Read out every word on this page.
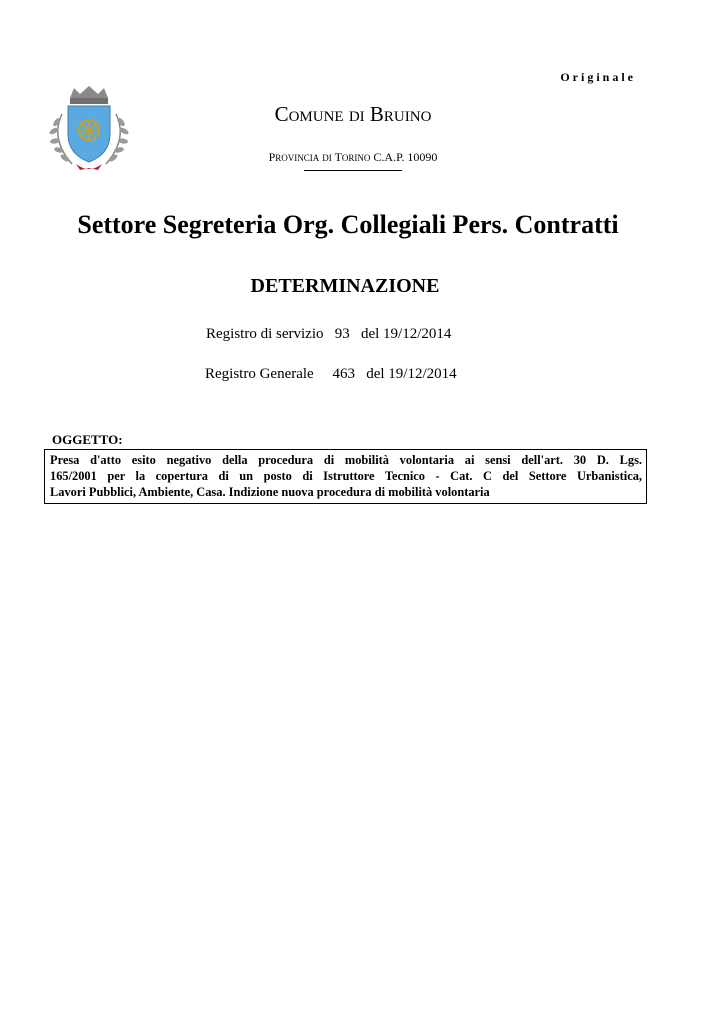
Originale

COMUNE DI BRUINO

PROVINCIA DI TORINO C.A.P. 10090
Settore Segreteria Org. Collegiali Pers. Contratti
DETERMINAZIONE
Registro di servizio 93 del 19/12/2014
Registro Generale 463 del 19/12/2014
OGGETTO:
Presa d'atto esito negativo della procedura di mobilità volontaria ai sensi dell'art. 30 D. Lgs.
165/2001 per la copertura di un posto di Istruttore Tecnico - Cat. C del Settore Urbanistica,
Lavori Pubblici, Ambiente, Casa. Indizione nuova procedura di mobilità volontaria
